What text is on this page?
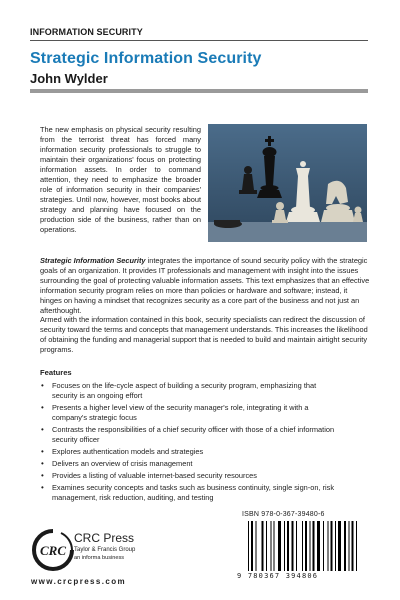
INFORMATION SECURITY
Strategic Information Security
John Wylder

The new emphasis on physical security resulting from the terrorist threat has forced many information security professionals to struggle to maintain their organizations' focus on protecting information assets. In order to command attention, they need to emphasize the broader role of information security in their companies' strategies. Until now, however, most books about strategy and planning have focused on the production side of the business, rather than on operations.

Strategic Information Security integrates the importance of sound security policy with the strategic goals of an organization. It provides IT professionals and management with insight into the issues surrounding the goal of protecting valuable information assets. This text emphasizes that an effective information security program relies on more than policies or hardware and software; instead, it hinges on having a mindset that recognizes security as a core part of the business and not just an afterthought.

Armed with the information contained in this book, security specialists can redirect the discussion of security toward the terms and concepts that management understands. This increases the likelihood of obtaining the funding and managerial support that is needed to build and maintain airtight security programs.

Features
• Focuses on the life-cycle aspect of building a security program, emphasizing that security is an ongoing effort
• Presents a higher level view of the security manager's role, integrating it with a company's strategic focus
• Contrasts the responsibilities of a chief security officer with those of a chief information security officer
• Explores authentication models and strategies
• Delivers an overview of crisis management
• Provides a listing of valuable internet-based security resources
• Examines security concepts and tasks such as business continuity, single sign-on, risk management, risk reduction, auditing, and testing
ISBN 978-0-367-39480-6
9 780367 394806
CRC
CRC Press
Taylor & Francis Group
an informa business
www.crcpress.com
